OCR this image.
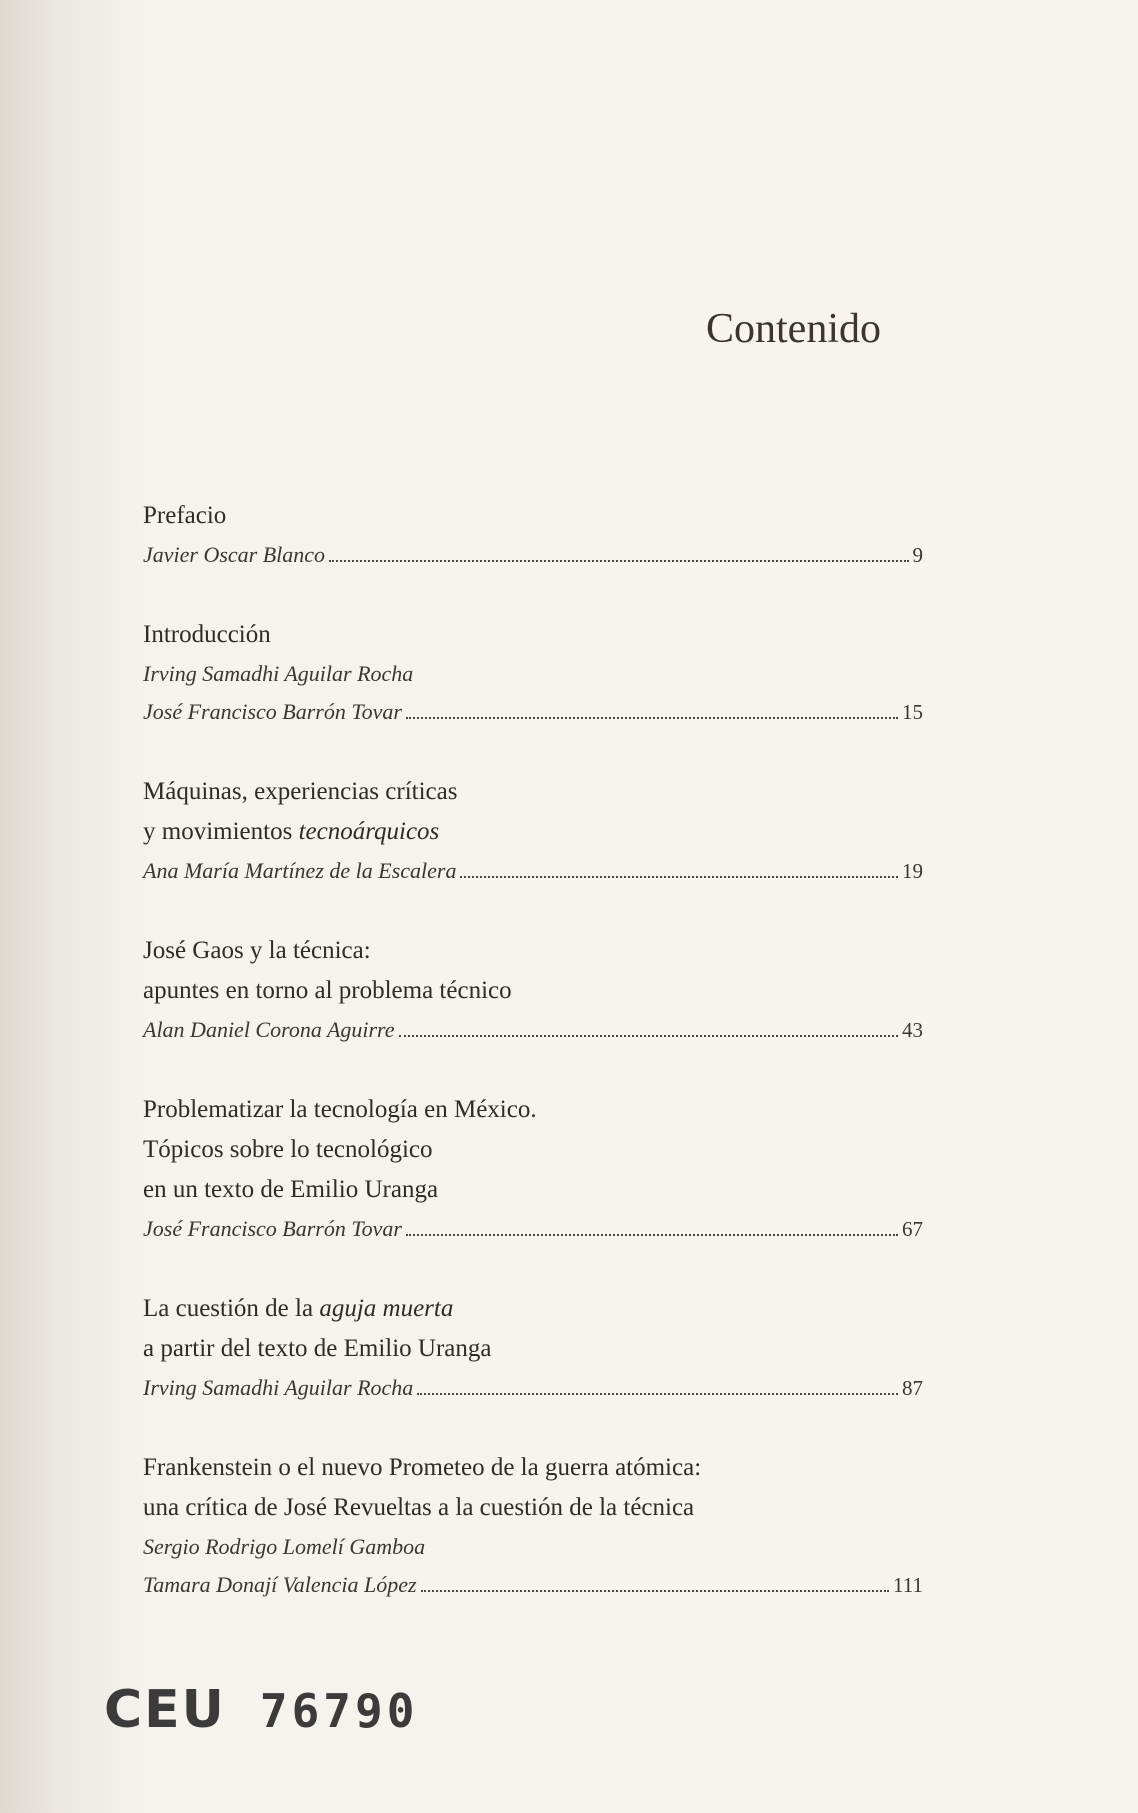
Contenido
Prefacio
Javier Oscar Blanco	9
Introducción
Irving Samadhi Aguilar Rocha
José Francisco Barrón Tovar	15
Máquinas, experiencias críticas
y movimientos tecnoárquicos
Ana María Martínez de la Escalera	19
José Gaos y la técnica:
apuntes en torno al problema técnico
Alan Daniel Corona Aguirre	43
Problematizar la tecnología en México.
Tópicos sobre lo tecnológico
en un texto de Emilio Uranga
José Francisco Barrón Tovar	67
La cuestión de la aguja muerta
a partir del texto de Emilio Uranga
Irving Samadhi Aguilar Rocha	87
Frankenstein o el nuevo Prometeo de la guerra atómica:
una crítica de José Revueltas a la cuestión de la técnica
Sergio Rodrigo Lomelí Gamboa
Tamara Donají Valencia López	111
CEU 76790
